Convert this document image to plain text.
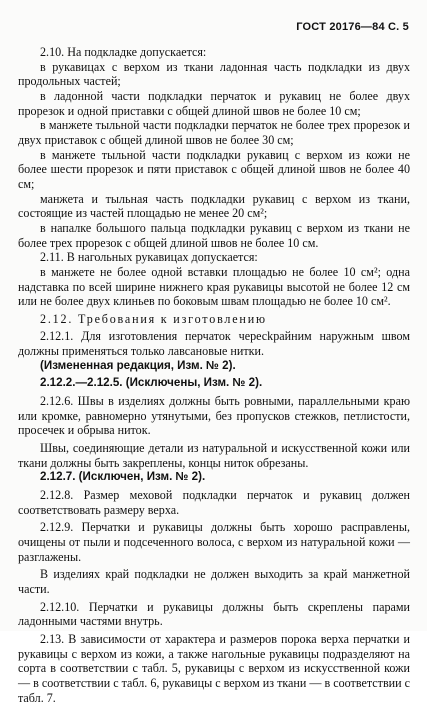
ГОСТ 20176—84 С. 5

2.10. На подкладке допускается:

в рукавицах с верхом из ткани ладонная часть подкладки из двух продольных частей;

в ладонной части подкладки перчаток и рукавиц не более двух прорезок и одной приставки с общей длиной швов не более 10 см;

в манжете тыльной части подкладки перчаток не более трех прорезок и двух приставок с общей длиной швов не более 30 см;

в манжете тыльной части подкладки рукавиц с верхом из кожи не более шести прорезок и пяти приставок с общей длиной швов не более 40 см;

манжета и тыльная часть подкладки рукавиц с верхом из ткани, состоящие из частей площадью не менее 20 см²;

в напалке большого пальца подкладки рукавиц с верхом из ткани не более трех прорезок с общей длиной швов не более 10 см.

2.11. В нагольных рукавицах допускается:

в манжете не более одной вставки площадью не более 10 см²; одна надставка по всей ширине нижнего края рукавицы высотой не более 12 см или не более двух клиньев по боковым швам площадью не более 10 см².

2.12. Требования к изготовлению

2.12.1. Для изготовления перчаток чересkрайним наружным швом должны применяться только лавсановые нитки.

(Измененная редакция, Изм. № 2).

2.12.2.—2.12.5. (Исключены, Изм. № 2).

2.12.6. Швы в изделиях должны быть ровными, параллельными краю или кромке, равномерно утянутыми, без пропусков стежков, петлистости, просечек и обрыва ниток.

Швы, соединяющие детали из натуральной и искусственной кожи или ткани должны быть закреплены, концы ниток обрезаны.

2.12.7. (Исключен, Изм. № 2).

2.12.8. Размер меховой подкладки перчаток и рукавиц должен соответствовать размеру верха.

2.12.9. Перчатки и рукавицы должны быть хорошо расправлены, очищены от пыли и подсеченного волоса, с верхом из натуральной кожи — разглажены.

В изделиях край подкладки не должен выходить за край манжетной части.

2.12.10. Перчатки и рукавицы должны быть скреплены парами ладонными частями внутрь.

2.13. В зависимости от характера и размеров порока верха перчатки и рукавицы с верхом из кожи, а также нагольные рукавицы подразделяют на сорта в соответствии с табл. 5, рукавицы с верхом из искусственной кожи — в соответствии с табл. 6, рукавицы с верхом из ткани — в соответствии с табл. 7.
